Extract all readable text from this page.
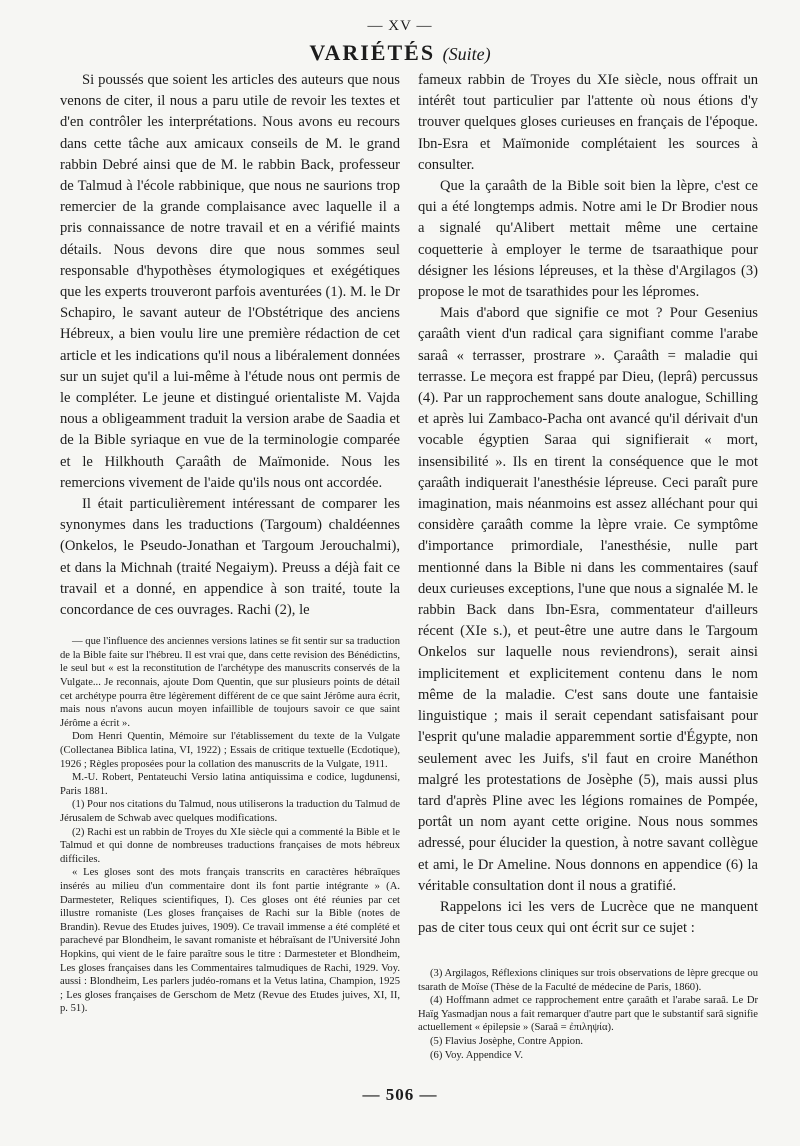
— XV —
VARIÉTÉS (Suite)

Si poussés que soient les articles des auteurs que nous venons de citer, il nous a paru utile de revoir les textes et d'en contrôler les interprétations. Nous avons eu recours dans cette tâche aux amicaux conseils de M. le grand rabbin Debré ainsi que de M. le rabbin Back, professeur de Talmud à l'école rabbinique, que nous ne saurions trop remercier de la grande complaisance avec laquelle il a pris connaissance de notre travail et en a vérifié maints détails. Nous devons dire que nous sommes seul responsable d'hypothèses étymologiques et exégétiques que les experts trouveront parfois aventurées (1). M. le Dr Schapiro, le savant auteur de l'Obstétrique des anciens Hébreux, a bien voulu lire une première rédaction de cet article et les indications qu'il nous a libéralement données sur un sujet qu'il a lui-même à l'étude nous ont permis de le compléter. Le jeune et distingué orientaliste M. Vajda nous a obligeamment traduit la version arabe de Saadia et de la Bible syriaque en vue de la terminologie comparée et le Hilkhouth Çaraâth de Maïmonide. Nous les remercions vivement de l'aide qu'ils nous ont accordée.

Il était particulièrement intéressant de comparer les synonymes dans les traductions (Targoum) chaldéennes (Onkelos, le Pseudo-Jonathan et Targoum Jerouchalmi), et dans la Michnah (traité Negaiym). Preuss a déjà fait ce travail et a donné, en appendice à son traité, toute la concordance de ces ouvrages. Rachi (2), le

— que l'influence des anciennes versions latines se fit sentir sur sa traduction de la Bible faite sur l'hébreu. Il est vrai que, dans cette revision des Bénédictins, le seul but « est la reconstitution de l'archétype des manuscrits conservés de la Vulgate... Je reconnais, ajoute Dom Quentin, que sur plusieurs points de détail cet archétype pourra être légèrement différent de ce que saint Jérôme aura écrit, mais nous n'avons aucun moyen infaillible de toujours savoir ce que saint Jérôme a écrit ».

Dom Henri Quentin, Mémoire sur l'établissement du texte de la Vulgate (Collectanea Biblica latina, VI, 1922) ; Essais de critique textuelle (Ecdotique), 1926 ; Règles proposées pour la collation des manuscrits de la Vulgate, 1911.

M.-U. Robert, Pentateuchi Versio latina antiquissima e codice, lugdunensi, Paris 1881.

(1) Pour nos citations du Talmud, nous utiliserons la traduction du Talmud de Jérusalem de Schwab avec quelques modifications.

(2) Rachi est un rabbin de Troyes du XIe siècle qui a commenté la Bible et le Talmud et qui donne de nombreuses traductions françaises de mots hébreux difficiles.

« Les gloses sont des mots français transcrits en caractères hébraïques insérés au milieu d'un commentaire dont ils font partie intégrante » (A. Darmesteter, Reliques scientifiques, I). Ces gloses ont été réunies par cet illustre romaniste (Les gloses françaises de Rachi sur la Bible (notes de Brandin). Revue des Etudes juives, 1909). Ce travail immense a été complété et parachevé par Blondheim, le savant romaniste et hébraïsant de l'Université John Hopkins, qui vient de le faire paraître sous le titre : Darmesteter et Blondheim, Les gloses françaises dans les Commentaires talmudiques de Rachi, 1929. Voy. aussi : Blondheim, Les parlers judéo-romans et la Vetus latina, Champion, 1925 ; Les gloses françaises de Gerschom de Metz (Revue des Etudes juives, XI, II, p. 51).

fameux rabbin de Troyes du XIe siècle, nous offrait un intérêt tout particulier par l'attente où nous étions d'y trouver quelques gloses curieuses en français de l'époque. Ibn-Esra et Maïmonide complétaient les sources à consulter.

Que la çaraâth de la Bible soit bien la lèpre, c'est ce qui a été longtemps admis. Notre ami le Dr Brodier nous a signalé qu'Alibert mettait même une certaine coquetterie à employer le terme de tsaraathique pour désigner les lésions lépreuses, et la thèse d'Argilagos (3) propose le mot de tsarathides pour les lépromes.

Mais d'abord que signifie ce mot ? Pour Gesenius çaraâth vient d'un radical çara signifiant comme l'arabe saraâ « terrasser, prostrare ». Çaraâth = maladie qui terrasse. Le meçora est frappé par Dieu, (leprâ) percussus (4). Par un rapprochement sans doute analogue, Schilling et après lui Zambaco-Pacha ont avancé qu'il dérivait d'un vocable égyptien Saraa qui signifierait « mort, insensibilité ». Ils en tirent la conséquence que le mot çaraâth indiquerait l'anesthésie lépreuse. Ceci paraît pure imagination, mais néanmoins est assez alléchant pour qui considère çaraâth comme la lèpre vraie. Ce symptôme d'importance primordiale, l'anesthésie, nulle part mentionné dans la Bible ni dans les commentaires (sauf deux curieuses exceptions, l'une que nous a signalée M. le rabbin Back dans Ibn-Esra, commentateur d'ailleurs récent (XIe s.), et peut-être une autre dans le Targoum Onkelos sur laquelle nous reviendrons), serait ainsi implicitement et explicitement contenu dans le nom même de la maladie. C'est sans doute une fantaisie linguistique ; mais il serait cependant satisfaisant pour l'esprit qu'une maladie apparemment sortie d'Égypte, non seulement avec les Juifs, s'il faut en croire Manéthon malgré les protestations de Josèphe (5), mais aussi plus tard d'après Pline avec les légions romaines de Pompée, portât un nom ayant cette origine. Nous nous sommes adressé, pour élucider la question, à notre savant collègue et ami, le Dr Ameline. Nous donnons en appendice (6) la véritable consultation dont il nous a gratifié.

Rappelons ici les vers de Lucrèce que ne manquent pas de citer tous ceux qui ont écrit sur ce sujet :

(3) Argilagos, Réflexions cliniques sur trois observations de lèpre grecque ou tsarath de Moïse (Thèse de la Faculté de médecine de Paris, 1860).

(4) Hoffmann admet ce rapprochement entre çaraâth et l'arabe saraâ. Le Dr Haïg Yasmadjan nous a fait remarquer d'autre part que le substantif sarâ signifie actuellement « épilepsie » (Saraâ = ἐπιληψία).

(5) Flavius Josèphe, Contre Appion.

(6) Voy. Appendice V.

— 506 —
